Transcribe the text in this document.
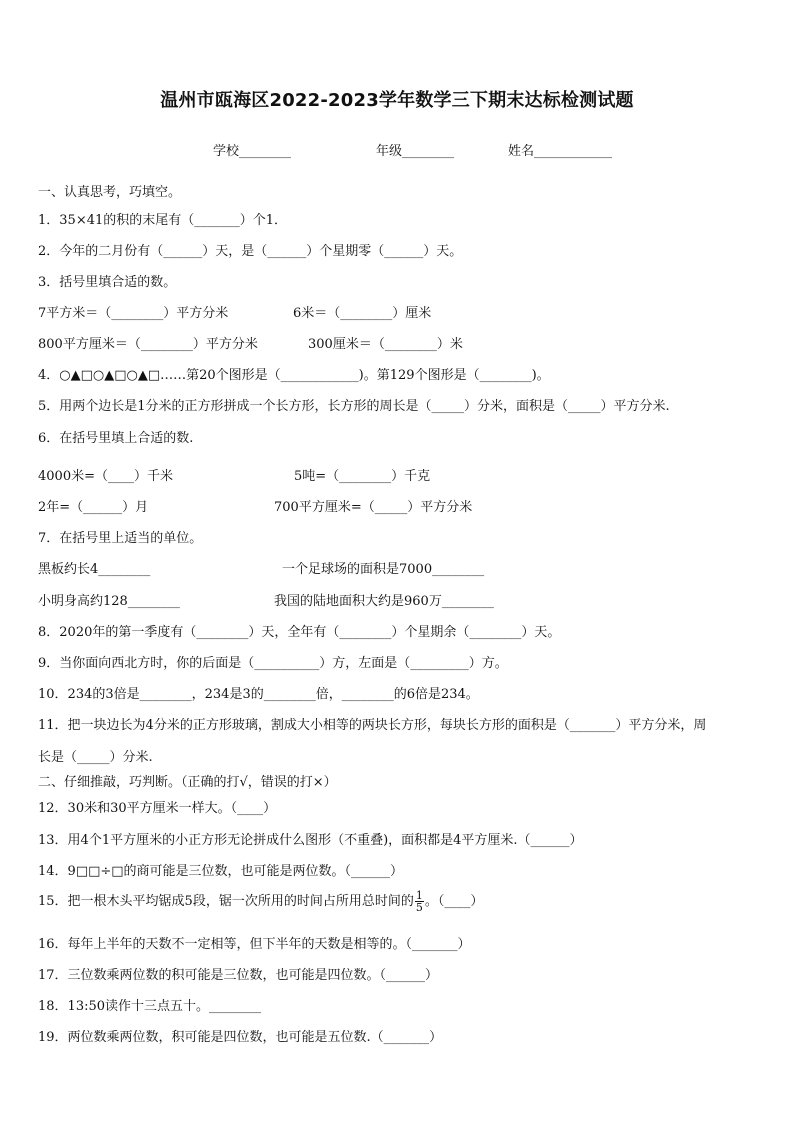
温州市瓯海区2022-2023学年数学三下期末达标检测试题
学校________	年级________	姓名____________
一、认真思考，巧填空。
1．35×41的积的末尾有（_______）个1．
2．今年的二月份有（______）天，是（______）个星期零（______）天。
3．括号里填合适的数。
7平方米＝（________）平方分米	6米＝（________）厘米
800平方厘米＝（________）平方分米	300厘米＝（________）米
4．○▲□○▲□○▲□……第20个图形是（____________)。第129个图形是（________)。
5．用两个边长是1分米的正方形拼成一个长方形，长方形的周长是（_____）分米，面积是（_____）平方分米.
6．在括号里填上合适的数.
4000米=（____）千米	5吨=（________）千克
2年=（______）月	700平方厘米=（_____）平方分米
7．在括号里上适当的单位。
黑板约长4________	一个足球场的面积是7000________
小明身高约128________	我国的陆地面积大约是960万________
8．2020年的第一季度有（________）天，全年有（________）个星期余（________）天。
9．当你面向西北方时，你的后面是（__________）方，左面是（_________）方。
10．234的3倍是________，234是3的________倍，________的6倍是234。
11．把一块边长为4分米的正方形玻璃，割成大小相等的两块长方形，每块长方形的面积是（_______）平方分米，周
长是（_____）分米.
二、仔细推敲，巧判断。（正确的打√，错误的打×）
12．30米和30平方厘米一样大。（____）
13．用4个1平方厘米的小正方形无论拼成什么图形（不重叠)，面积都是4平方厘米.（______）
14．9□□÷□的商可能是三位数，也可能是两位数。（______）
15．把一根木头平均锯成5段，锯一次所用的时间占所用总时间的 $\frac{1}{5}$ 。（____）
16．每年上半年的天数不一定相等，但下半年的天数是相等的。（_______）
17．三位数乘两位数的积可能是三位数，也可能是四位数。（______）
18．13:50读作十三点五十。________
19．两位数乘两位数，积可能是四位数，也可能是五位数.（_______）
